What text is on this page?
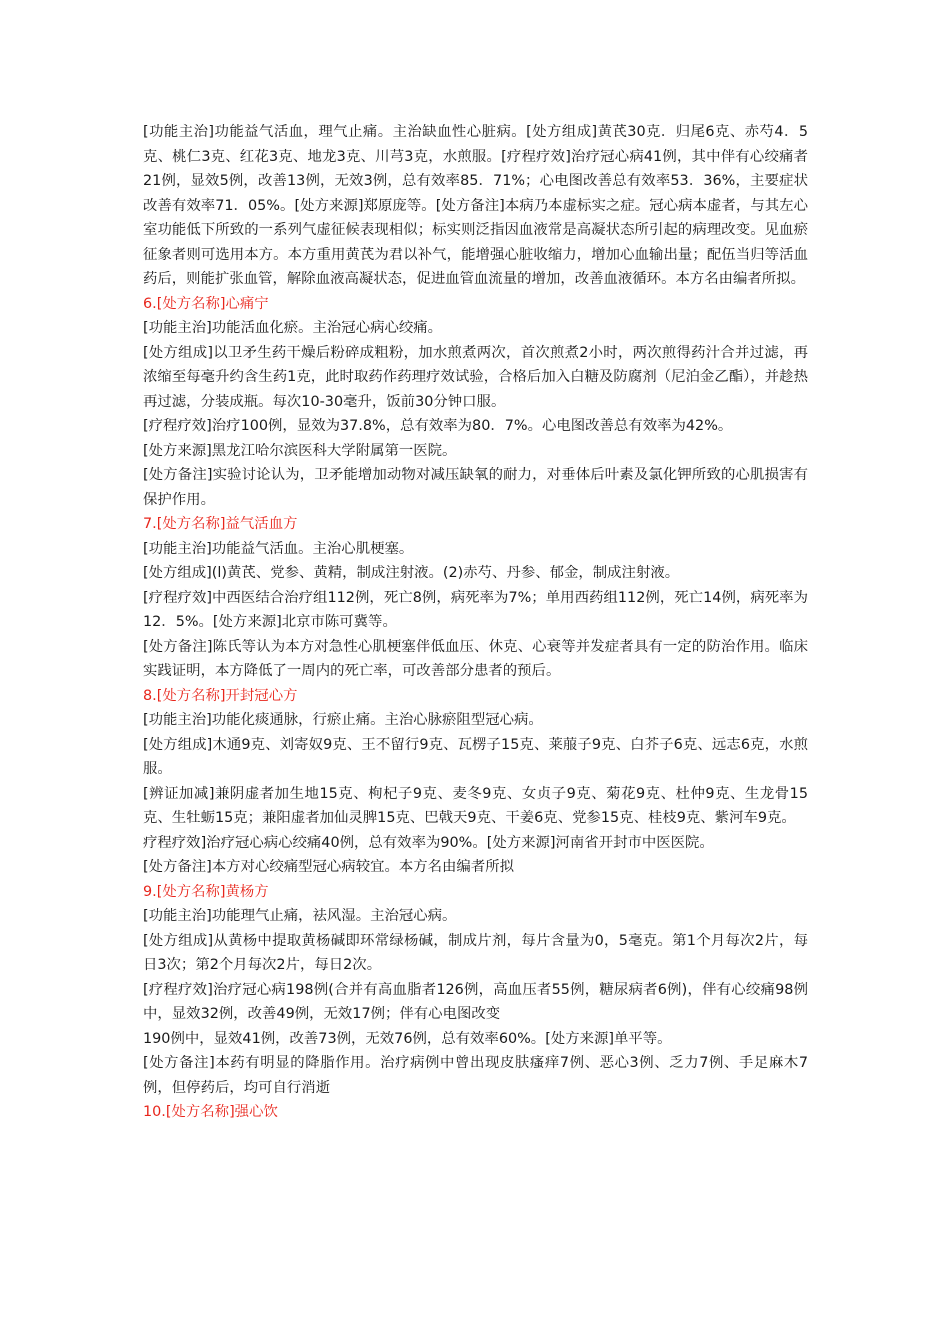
[功能主治]功能益气活血，理气止痛。主治缺血性心脏病。[处方组成]黄芪30克．归尾6克、赤芍4．5克、桃仁3克、红花3克、地龙3克、川芎3克，水煎服。[疗程疗效]治疗冠心病41例，其中伴有心绞痛者21例，显效5例，改善13例，无效3例，总有效率85．71%；心电图改善总有效率53．36%，主要症状改善有效率71．05%。[处方来源]郑原庞等。[处方备注]本病乃本虚标实之症。冠心病本虚者，与其左心室功能低下所致的一系列气虚征候表现相似；标实则泛指因血液常是高凝状态所引起的病理改变。见血瘀征象者则可选用本方。本方重用黄芪为君以补气，能增强心脏收缩力，增加心血输出量；配伍当归等活血药后，则能扩张血管，解除血液高凝状态，促进血管血流量的增加，改善血液循环。本方名由编者所拟。

6.[处方名称]心痛宁

[功能主治]功能活血化瘀。主治冠心病心绞痛。

[处方组成]以卫矛生药干燥后粉碎成粗粉，加水煎煮两次，首次煎煮2小时，两次煎得药汁合并过滤，再浓缩至每毫升约含生药1克，此时取药作药理疗效试验，合格后加入白糖及防腐剂（尼泊金乙酯），并趁热再过滤，分装成瓶。每次10-30毫升，饭前30分钟口服。

[疗程疗效]治疗100例，显效为37.8%，总有效率为80．7%。心电图改善总有效率为42%。

[处方来源]黑龙江哈尔滨医科大学附属第一医院。

[处方备注]实验讨论认为，卫矛能增加动物对减压缺氧的耐力，对垂体后叶素及氯化钾所致的心肌损害有保护作用。

7.[处方名称]益气活血方

[功能主治]功能益气活血。主治心肌梗塞。

[处方组成](l)黄芪、党参、黄精，制成注射液。(2)赤芍、丹参、郁金，制成注射液。

[疗程疗效]中西医结合治疗组112例，死亡8例，病死率为7%；单用西药组112例，死亡14例，病死率为12．5%。[处方来源]北京市陈可冀等。

[处方备注]陈氏等认为本方对急性心肌梗塞伴低血压、休克、心衰等并发症者具有一定的防治作用。临床实践证明，本方降低了一周内的死亡率，可改善部分患者的预后。

8.[处方名称]开封冠心方

[功能主治]功能化痰通脉，行瘀止痛。主治心脉瘀阻型冠心病。

[处方组成]木通9克、刘寄奴9克、王不留行9克、瓦楞子15克、莱菔子9克、白芥子6克、远志6克，水煎服。

[辨证加减]兼阴虚者加生地15克、枸杞子9克、麦冬9克、女贞子9克、菊花9克、杜仲9克、生龙骨15克、生牡蛎15克；兼阳虚者加仙灵脾15克、巴戟天9克、干姜6克、党参15克、桂枝9克、紫河车9克。

疗程疗效]治疗冠心病心绞痛40例，总有效率为90%。[处方来源]河南省开封市中医医院。

[处方备注]本方对心绞痛型冠心病较宜。本方名由编者所拟

9.[处方名称]黄杨方

[功能主治]功能理气止痛，祛风湿。主治冠心病。

[处方组成]从黄杨中提取黄杨碱即环常绿杨碱，制成片剂，每片含量为0，5毫克。第1个月每次2片，每日3次；第2个月每次2片，每日2次。

[疗程疗效]治疗冠心病198例(合并有高血脂者126例，高血压者55例，糖尿病者6例)，伴有心绞痛98例中，显效32例，改善49例，无效17例；伴有心电图改变

190例中，显效41例，改善73例，无效76例，总有效率60%。[处方来源]单平等。

[处方备注]本药有明显的降脂作用。治疗病例中曾出现皮肤瘙痒7例、恶心3例、乏力7例、手足麻木7例，但停药后，均可自行消逝

10.[处方名称]强心饮
